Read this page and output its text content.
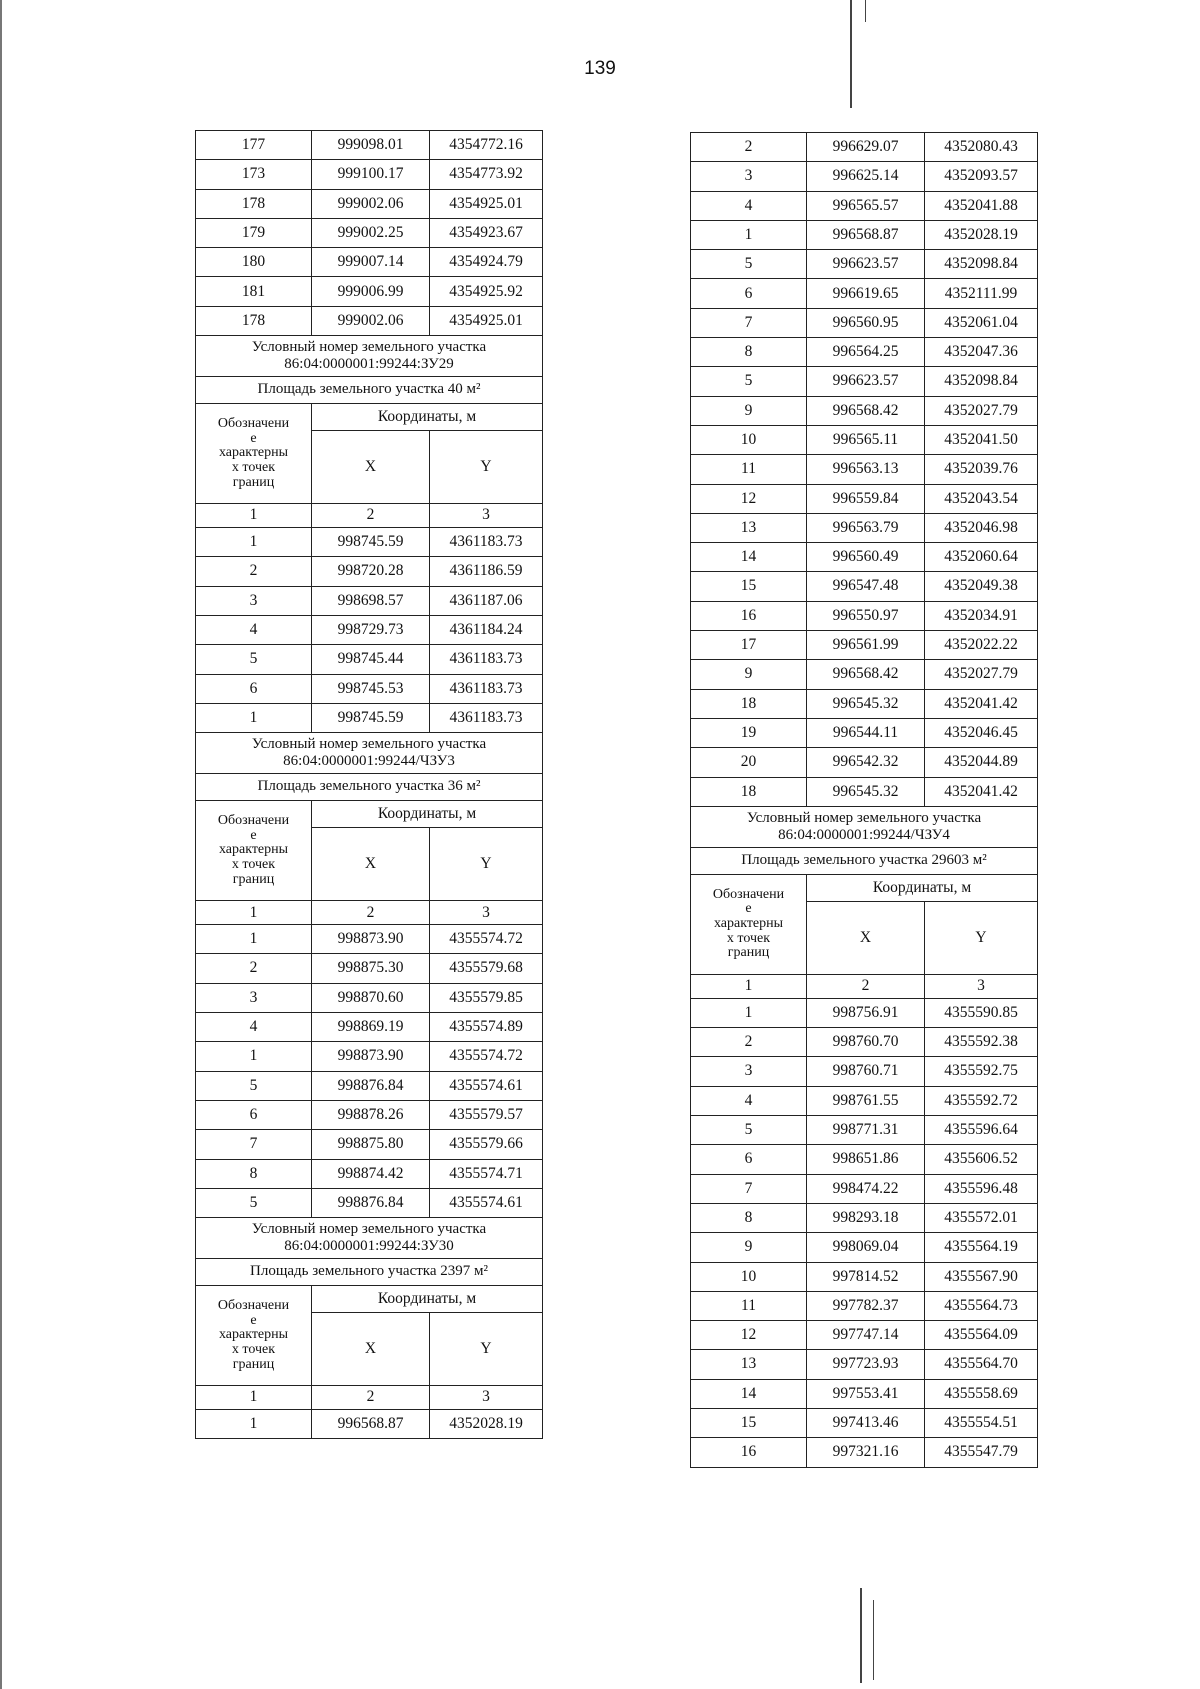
139
177	999098.01	4354772.16
173	999100.17	4354773.92
178	999002.06	4354925.01
179	999002.25	4354923.67
180	999007.14	4354924.79
181	999006.99	4354925.92
178	999002.06	4354925.01

Условный номер земельного участка
86:04:0000001:99244:ЗУ29		

Площадь земельного участка 40 м²		

Обозначени
е
характерны
х точек
границ	Координаты, м	
	X	Y
1	2	3
1	998745.59	4361183.73
2	998720.28	4361186.59
3	998698.57	4361187.06
4	998729.73	4361184.24
5	998745.44	4361183.73
6	998745.53	4361183.73
1	998745.59	4361183.73

Условный номер земельного участка
86:04:0000001:99244/ЧЗУ3		

Площадь земельного участка 36 м²		

Обозначени
е
характерны
х точек
границ	Координаты, м	
	X	Y
1	2	3
1	998873.90	4355574.72
2	998875.30	4355579.68
3	998870.60	4355579.85
4	998869.19	4355574.89
1	998873.90	4355574.72
5	998876.84	4355574.61
6	998878.26	4355579.57
7	998875.80	4355579.66
8	998874.42	4355574.71
5	998876.84	4355574.61

Условный номер земельного участка
86:04:0000001:99244:ЗУ30		

Площадь земельного участка 2397 м²		

Обозначени
е
характерны
х точек
границ	Координаты, м	
	X	Y
1	2	3
1	996568.87	4352028.19
2	996629.07	4352080.43
3	996625.14	4352093.57
4	996565.57	4352041.88
1	996568.87	4352028.19
5	996623.57	4352098.84
6	996619.65	4352111.99
7	996560.95	4352061.04
8	996564.25	4352047.36
5	996623.57	4352098.84
9	996568.42	4352027.79
10	996565.11	4352041.50
11	996563.13	4352039.76
12	996559.84	4352043.54
13	996563.79	4352046.98
14	996560.49	4352060.64
15	996547.48	4352049.38
16	996550.97	4352034.91
17	996561.99	4352022.22
9	996568.42	4352027.79
18	996545.32	4352041.42
19	996544.11	4352046.45
20	996542.32	4352044.89
18	996545.32	4352041.42

Условный номер земельного участка
86:04:0000001:99244/ЧЗУ4		

Площадь земельного участка 29603 м²		

Обозначени
е
характерны
х точек
границ	Координаты, м	
	X	Y
1	2	3
1	998756.91	4355590.85
2	998760.70	4355592.38
3	998760.71	4355592.75
4	998761.55	4355592.72
5	998771.31	4355596.64
6	998651.86	4355606.52
7	998474.22	4355596.48
8	998293.18	4355572.01
9	998069.04	4355564.19
10	997814.52	4355567.90
11	997782.37	4355564.73
12	997747.14	4355564.09
13	997723.93	4355564.70
14	997553.41	4355558.69
15	997413.46	4355554.51
16	997321.16	4355547.79
